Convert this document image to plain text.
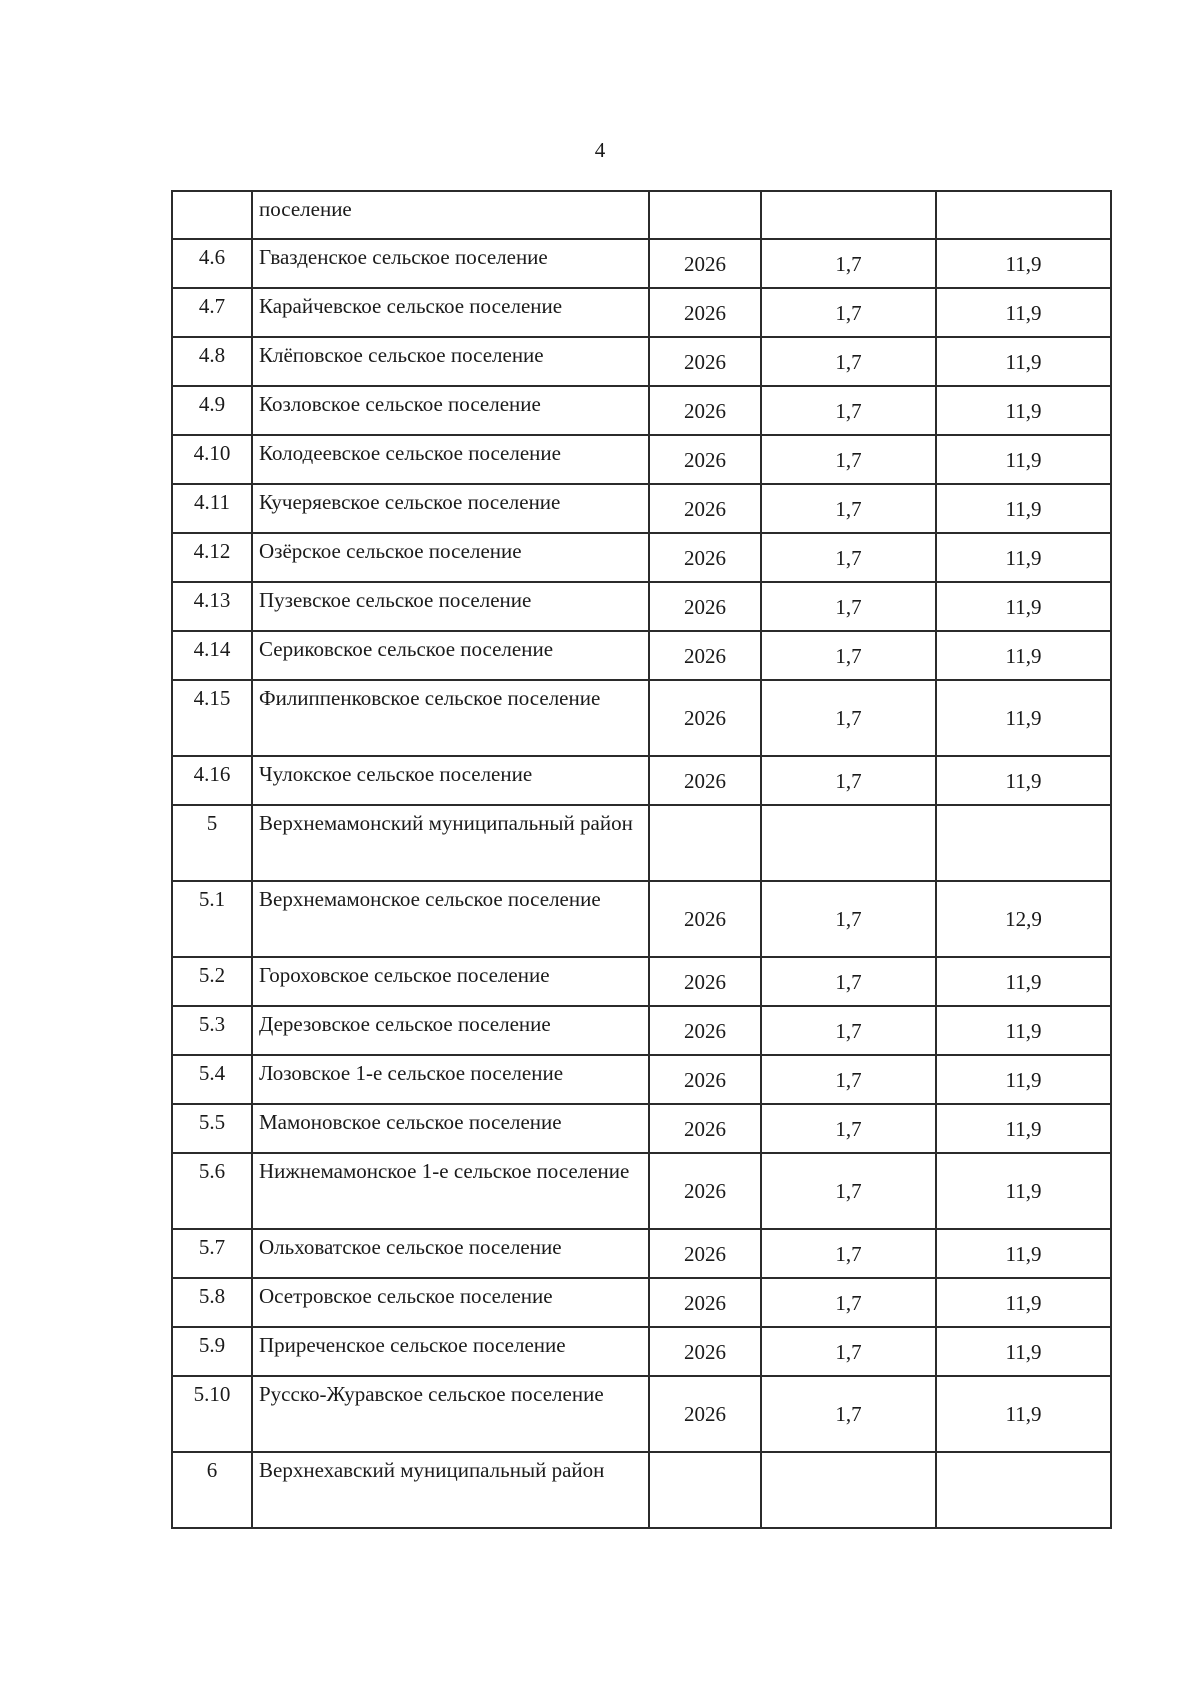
4
	поселение			
4.6	Гвазденское сельское поселение	2026	1,7	11,9
4.7	Карайчевское сельское поселение	2026	1,7	11,9
4.8	Клёповское сельское поселение	2026	1,7	11,9
4.9	Козловское сельское поселение	2026	1,7	11,9
4.10	Колодеевское сельское поселение	2026	1,7	11,9
4.11	Кучеряевское сельское поселение	2026	1,7	11,9
4.12	Озёрское сельское поселение	2026	1,7	11,9
4.13	Пузевское сельское поселение	2026	1,7	11,9
4.14	Сериковское сельское поселение	2026	1,7	11,9
4.15	Филиппенковское сельское поселение	2026	1,7	11,9
4.16	Чулокское сельское поселение	2026	1,7	11,9
5	Верхнемамонский муниципальный район			
5.1	Верхнемамонское сельское поселение	2026	1,7	12,9
5.2	Гороховское сельское поселение	2026	1,7	11,9
5.3	Дерезовское сельское поселение	2026	1,7	11,9
5.4	Лозовское 1-е сельское поселение	2026	1,7	11,9
5.5	Мамоновское сельское поселение	2026	1,7	11,9
5.6	Нижнемамонское 1-е сельское поселение	2026	1,7	11,9
5.7	Ольховатское сельское поселение	2026	1,7	11,9
5.8	Осетровское сельское поселение	2026	1,7	11,9
5.9	Приреченское сельское поселение	2026	1,7	11,9
5.10	Русско-Журавское сельское поселение	2026	1,7	11,9
6	Верхнехавский муниципальный район			
